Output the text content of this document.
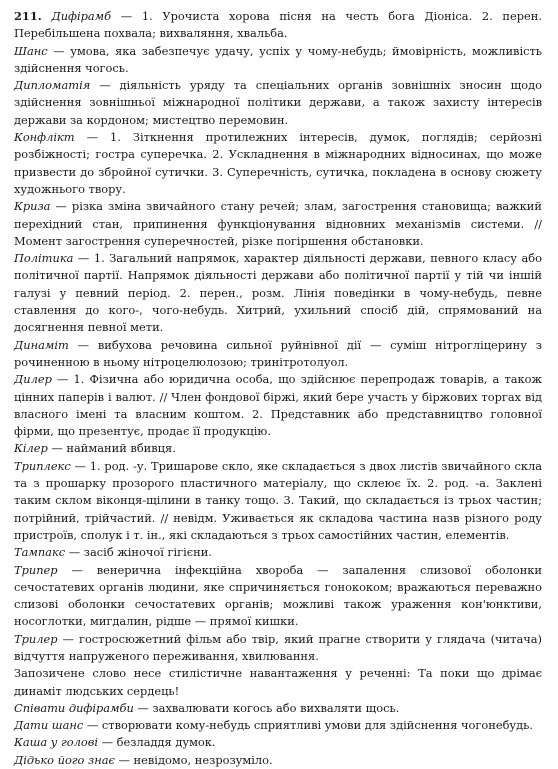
211. Дифірамб — 1. Урочиста хорова пісня на честь бога Діоніса. 2. перен. Перебільшена похвала; вихваляння, хвальба.

Шанс — умова, яка забезпечує удачу, успіх у чому-небудь; ймовірність, можливість здійснення чогось.

Дипломатія — діяльність уряду та спеціальних органів зовнішніх зносин щодо здійснення зовнішньої міжнародної політики держави, а також захисту інтересів держави за кордоном; мистецтво перемовин.

Конфлікт — 1. Зіткнення протилежних інтересів, думок, поглядів; серйозні розбіжності; гостра суперечка. 2. Ускладнення в міжнародних відносинах, що може призвести до збройної сутички. 3. Суперечність, сутичка, покладена в основу сюжету художнього твору.

Криза — різка зміна звичайного стану речей; злам, загострення становища; важкий перехідний стан, припинення функціонування відновних механізмів системи. // Момент загострення суперечностей, різке погіршення обстановки.

Політика — 1. Загальний напрямок, характер діяльності держави, певного класу або політичної партії. Напрямок діяльності держави або політичної партії у тій чи іншій галузі у певний період. 2. перен., розм. Лінія поведінки в чому-небудь, певне ставлення до кого-, чого-небудь. Хитрий, ухильний спосіб дій, спрямований на досягнення певної мети.

Динаміт — вибухова речовина сильної руйнівної дії — суміш нітрогліцерину з рочиненною в ньому нітроцелюлозою; тринітротолуол.

Дилер — 1. Фізична або юридична особа, що здійснює перепродаж товарів, а також цінних паперів і валют. // Член фондової біржі, який бере участь у біржових торгах від власного імені та власним коштом. 2. Представник або представництво головної фірми, що презентує, продає її продукцію.

Кілер — найманий вбивця.

Триплекс — 1. род. -у. Тришарове скло, яке складається з двох листів звичайного скла та з прошарку прозорого пластичного матеріалу, що склеює їх. 2. род. -а. Заклені таким склом віконця-щілини в танку тощо. 3. Такий, що складається із трьох частин; потрійний, трійчастий. // невідм. Уживається як складова частина назв різного роду пристроїв, сполук і т. ін., які складаються з трьох самостійних частин, елементів.

Тампакс — засіб жіночої гігієни.

Трипер — венерична інфекційна хвороба — запалення слизової оболонки сечостатевих органів людини, яке спричиняється гонококом; вражаються переважно слизові оболонки сечостатевих органів; можливі також ураження кон'юнктиви, носоглотки, мигдалин, рідше — прямої кишки.

Трилер — гостросюжетний фільм або твір, який прагне створити у глядача (читача) відчуття напруженого переживання, хвилювання.

Запозичене слово несе стилістичне навантаження у реченні: Та поки що дрімає динаміт людських сердець!

Співати дифірамби — захвалювати когось або вихваляти щось.

Дати шанс — створювати кому-небудь сприятливі умови для здійснення чогонебудь.

Каша у голові — безладдя думок.

Дідько його знає — невідомо, незрозуміло.
